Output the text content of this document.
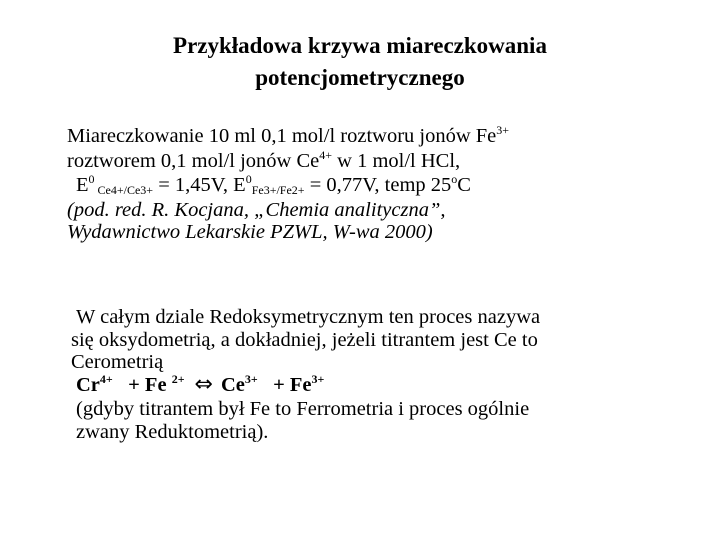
Przykładowa krzywa miareczkowania
potencjometrycznego
Miareczkowanie 10 ml 0,1 mol/l roztworu jonów $Fe^{3+}$
roztworem 0,1 mol/l jonów $Ce^{4+}$ w 1 mol/l HCl,
$E^0$ $_{Ce4+/Ce3+}$ = 1,45V, $E^0_{Fe3+/Fe2+} = 0,77V$, temp 25$^o$C
(pod. red. R. Kocjana, „Chemia analityczna”,
Wydawnictwo Lekarskie PZWL, W-wa 2000)
W całym dziale Redoksymetrycznym ten proces nazywa
się oksydometrią, a dokładniej, jeżeli titrantem jest Ce to
Cerometrią
$Cr^{4+} + Fe$ $^{2+}$ ⇔ $Ce^{3+} + Fe^{3+}$
(gdyby titrantem był Fe to Ferrometria i proces ogólnie
zwany Reduktometrią).
